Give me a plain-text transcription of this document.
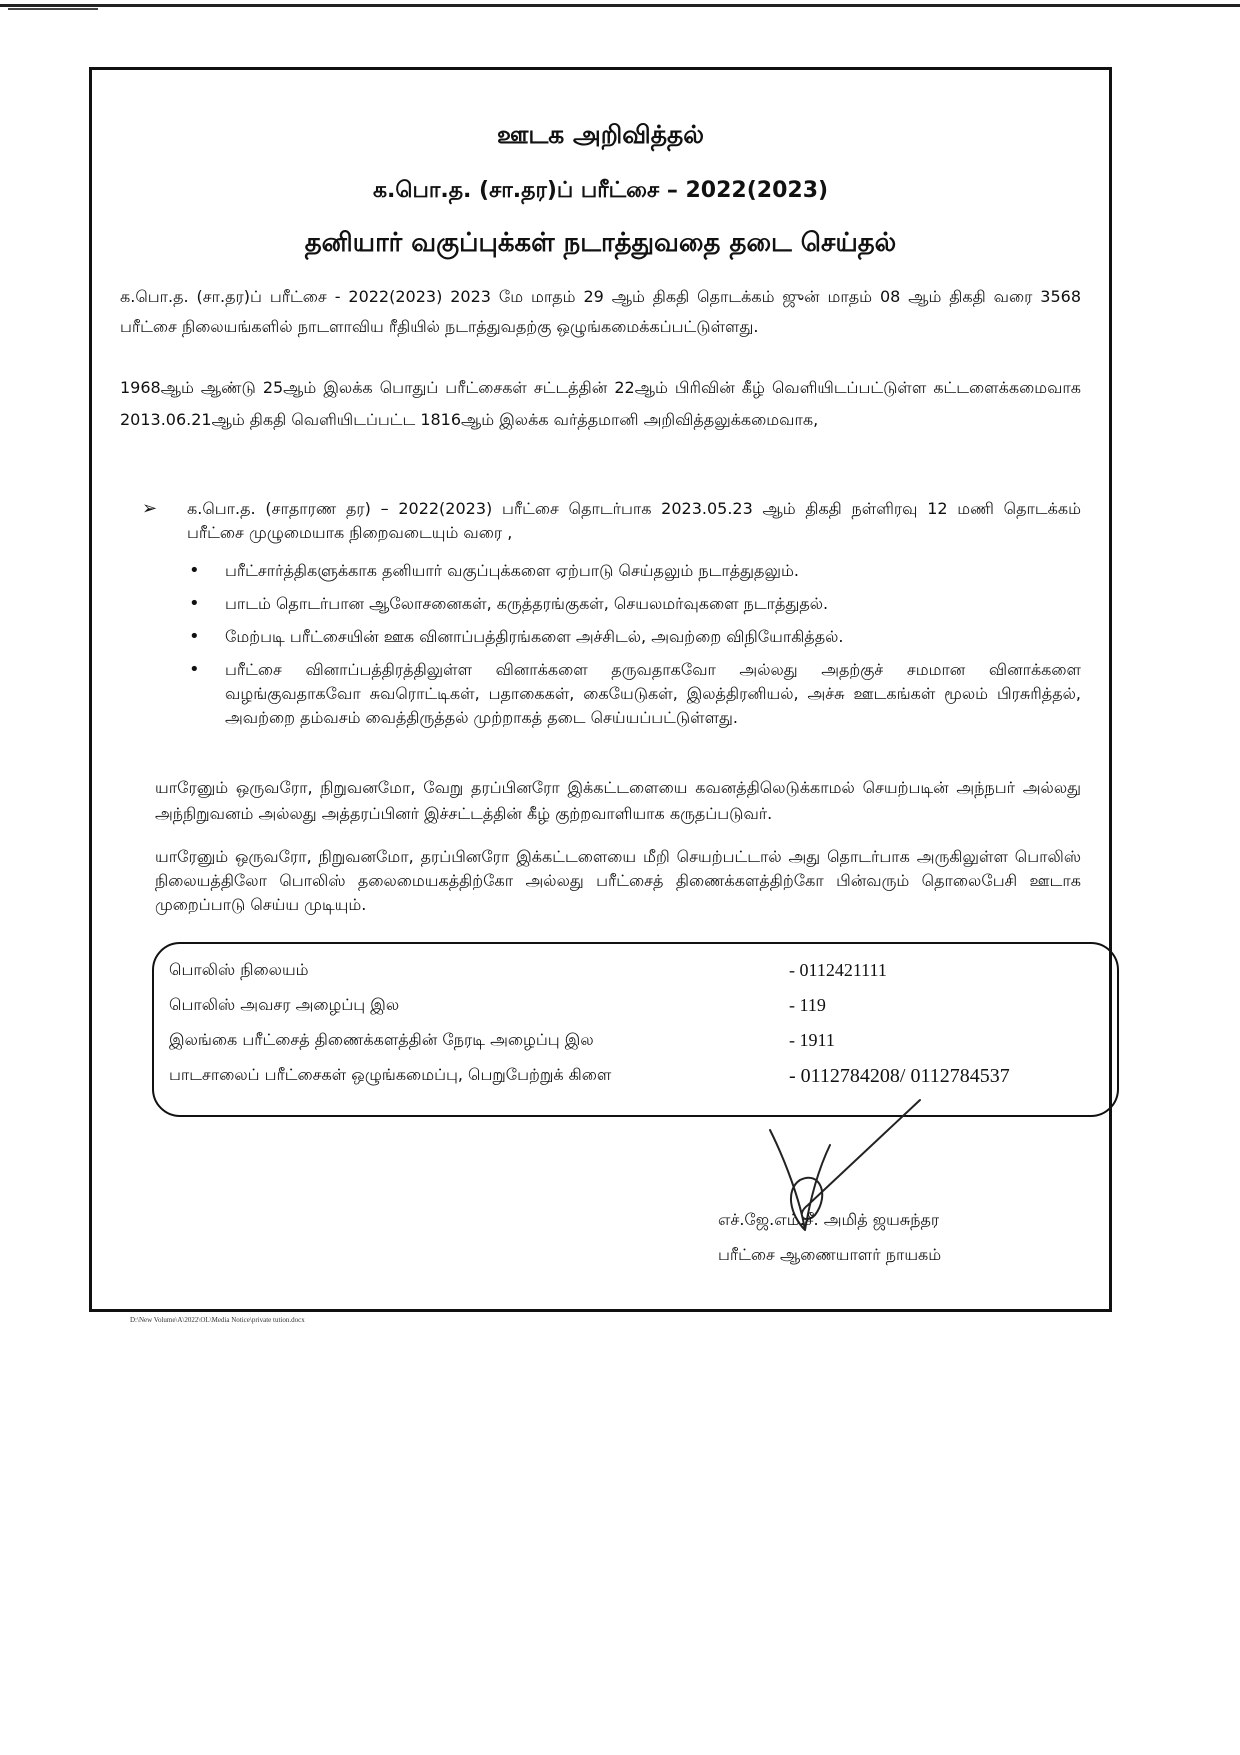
ஊடக அறிவித்தல்
க.பொ.த. (சா.தர)ப் பரீட்சை – 2022(2023)
தனியார் வகுப்புக்கள் நடாத்துவதை தடை செய்தல்
க.பொ.த. (சா.தர)ப் பரீட்சை - 2022(2023) 2023 மே மாதம் 29 ஆம் திகதி தொடக்கம் ஜுன் மாதம் 08 ஆம் திகதி வரை 3568 பரீட்சை நிலையங்களில் நாடளாவிய ரீதியில் நடாத்துவதற்கு ஒழுங்கமைக்கப்பட்டுள்ளது.
1968ஆம் ஆண்டு 25ஆம் இலக்க பொதுப் பரீட்சைகள் சட்டத்தின் 22ஆம் பிரிவின் கீழ் வெளியிடப்பட்டுள்ள கட்டளைக்கமைவாக 2013.06.21ஆம் திகதி வெளியிடப்பட்ட 1816ஆம் இலக்க வர்த்தமானி அறிவித்தலுக்கமைவாக,
➢ க.பொ.த. (சாதாரண தர) – 2022(2023) பரீட்சை தொடர்பாக 2023.05.23 ஆம் திகதி நள்ளிரவு 12 மணி தொடக்கம் பரீட்சை முழுமையாக நிறைவடையும் வரை ,
• பரீட்சார்த்திகளுக்காக தனியார் வகுப்புக்களை ஏற்பாடு செய்தலும் நடாத்துதலும்.
• பாடம் தொடர்பான ஆலோசனைகள், கருத்தரங்குகள், செயலமர்வுகளை நடாத்துதல்.
• மேற்படி பரீட்சையின் ஊக வினாப்பத்திரங்களை அச்சிடல், அவற்றை விநியோகித்தல்.
• பரீட்சை வினாப்பத்திரத்திலுள்ள வினாக்களை தருவதாகவோ அல்லது அதற்குச் சமமான வினாக்களை வழங்குவதாகவோ சுவரொட்டிகள், பதாகைகள், கையேடுகள், இலத்திரனியல், அச்சு ஊடகங்கள் மூலம் பிரசுரித்தல், அவற்றை தம்வசம் வைத்திருத்தல் முற்றாகத் தடை செய்யப்பட்டுள்ளது.
யாரேனும் ஒருவரோ, நிறுவனமோ, வேறு தரப்பினரோ இக்கட்டளையை கவனத்திலெடுக்காமல் செயற்படின் அந்நபர் அல்லது அந்நிறுவனம் அல்லது அத்தரப்பினர் இச்சட்டத்தின் கீழ் குற்றவாளியாக கருதப்படுவர்.
யாரேனும் ஒருவரோ, நிறுவனமோ, தரப்பினரோ இக்கட்டளையை மீறி செயற்பட்டால் அது தொடர்பாக அருகிலுள்ள பொலிஸ் நிலையத்திலோ பொலிஸ் தலைமையகத்திற்கோ அல்லது பரீட்சைத் திணைக்களத்திற்கோ பின்வரும் தொலைபேசி ஊடாக முறைப்பாடு செய்ய முடியும்.
பொலிஸ் நிலையம்	- 0112421111
பொலிஸ் அவசர அழைப்பு இல	- 119
இலங்கை பரீட்சைத் திணைக்களத்தின் நேரடி அழைப்பு இல	- 1911
பாடசாலைப் பரீட்சைகள் ஒழுங்கமைப்பு, பெறுபேற்றுக் கிளை	- 0112784208/ 0112784537
எச்.ஜே.எம்.சீ. அமித் ஜயசுந்தர
பரீட்சை ஆணையாளர் நாயகம்
D:\New Volume\A\2022\OL\Media Notice\private tution.docx
